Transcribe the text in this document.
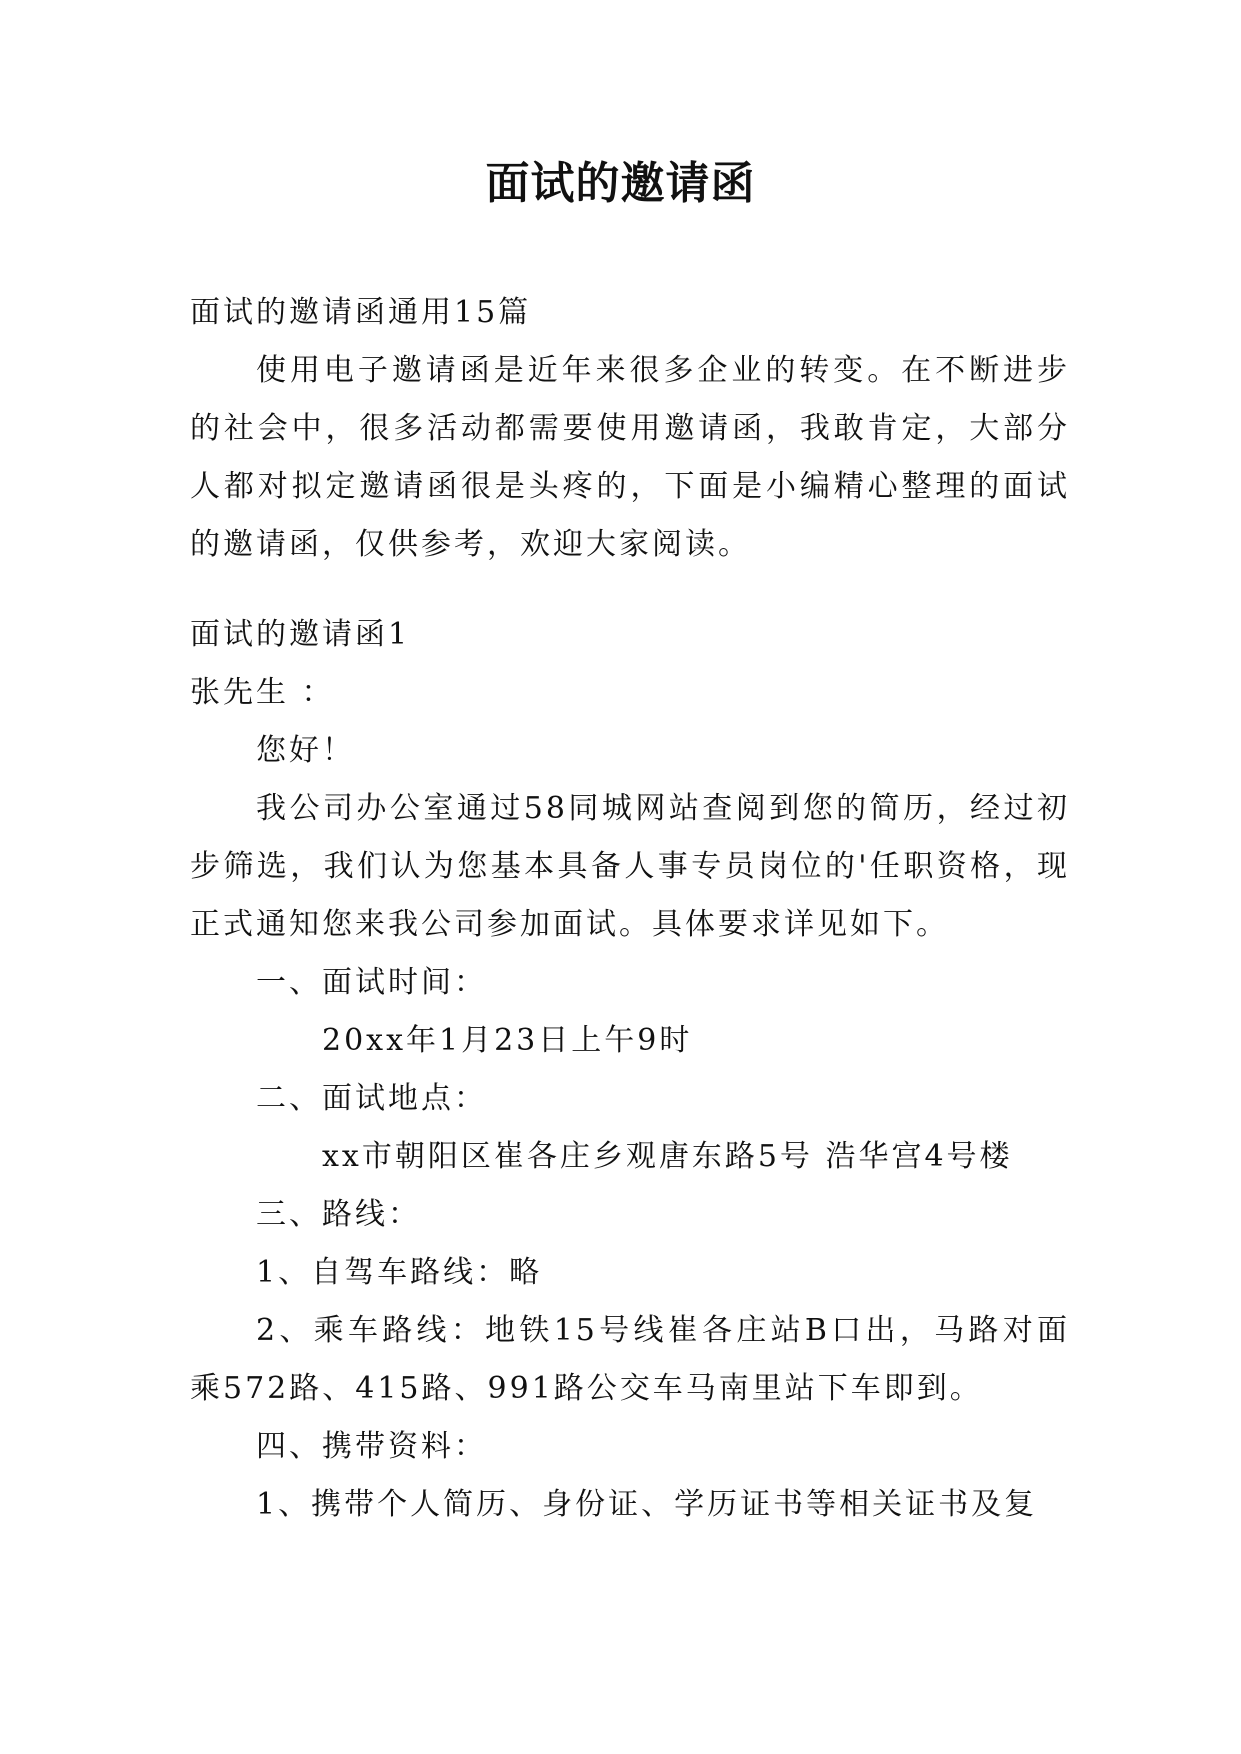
面试的邀请函

面试的邀请函通用15篇

使用电子邀请函是近年来很多企业的转变。在不断进步的社会中，很多活动都需要使用邀请函，我敢肯定，大部分人都对拟定邀请函很是头疼的，下面是小编精心整理的面试的邀请函，仅供参考，欢迎大家阅读。

面试的邀请函1

张先生 ：

您好！

我公司办公室通过58同城网站查阅到您的简历，经过初步筛选，我们认为您基本具备人事专员岗位的'任职资格，现正式通知您来我公司参加面试。具体要求详见如下。

一、面试时间：

20xx年1月23日上午9时

二、面试地点：

xx市朝阳区崔各庄乡观唐东路5号 浩华宫4号楼

三、路线：

1、自驾车路线：略

2、乘车路线：地铁15号线崔各庄站B口出，马路对面乘572路、415路、991路公交车马南里站下车即到。

四、携带资料：

1、携带个人简历、身份证、学历证书等相关证书及复
